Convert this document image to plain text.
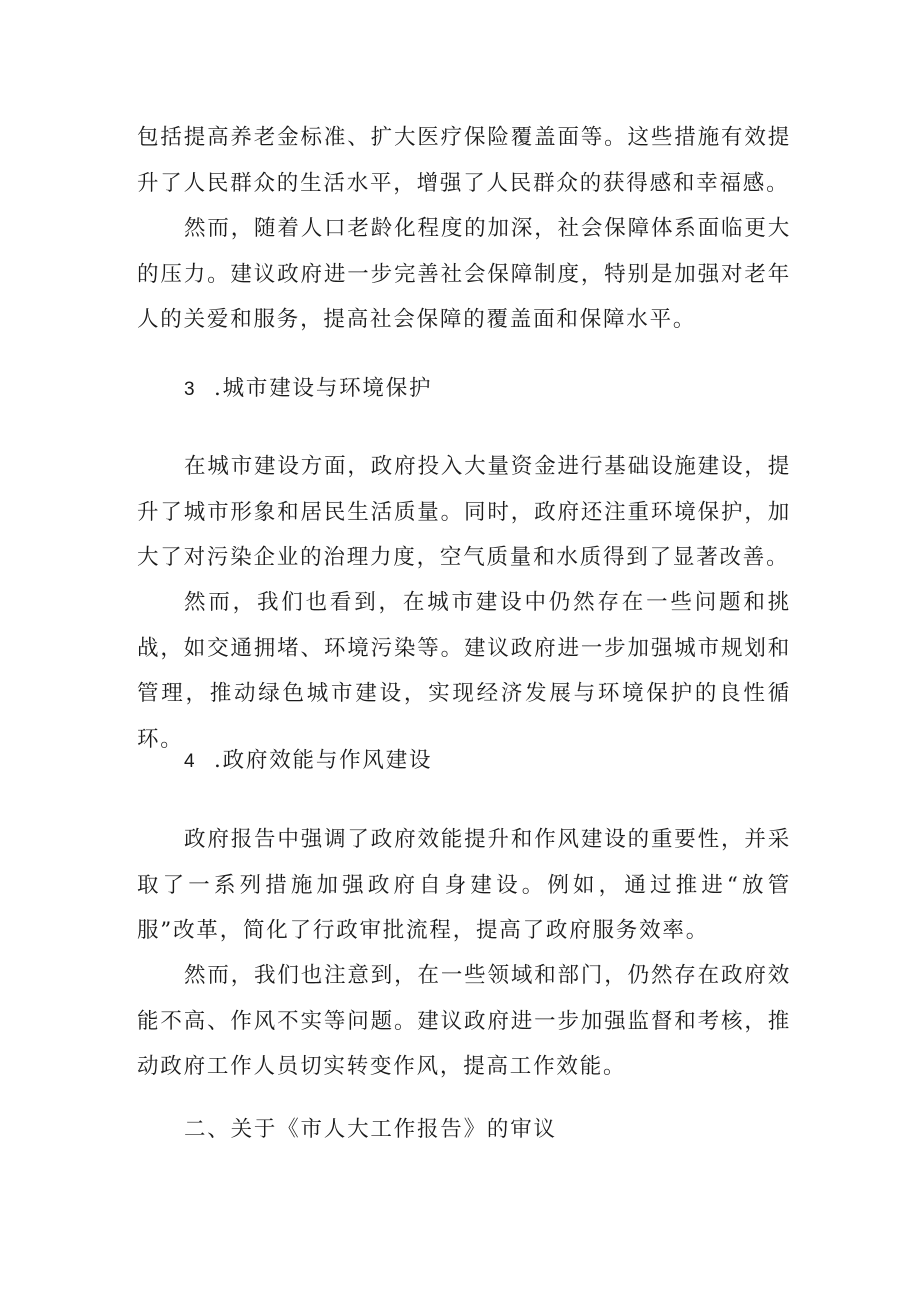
包括提高养老金标准、扩大医疗保险覆盖面等。这些措施有效提升了人民群众的生活水平，增强了人民群众的获得感和幸福感。

然而，随着人口老龄化程度的加深，社会保障体系面临更大的压力。建议政府进一步完善社会保障制度，特别是加强对老年人的关爱和服务，提高社会保障的覆盖面和保障水平。

3 .城市建设与环境保护

在城市建设方面，政府投入大量资金进行基础设施建设，提升了城市形象和居民生活质量。同时，政府还注重环境保护，加大了对污染企业的治理力度，空气质量和水质得到了显著改善。

然而，我们也看到，在城市建设中仍然存在一些问题和挑战，如交通拥堵、环境污染等。建议政府进一步加强城市规划和管理，推动绿色城市建设，实现经济发展与环境保护的良性循环。

4 .政府效能与作风建设

政府报告中强调了政府效能提升和作风建设的重要性，并采取了一系列措施加强政府自身建设。例如，通过推进“放管服”改革，简化了行政审批流程，提高了政府服务效率。

然而，我们也注意到，在一些领域和部门，仍然存在政府效能不高、作风不实等问题。建议政府进一步加强监督和考核，推动政府工作人员切实转变作风，提高工作效能。

二、关于《市人大工作报告》的审议
